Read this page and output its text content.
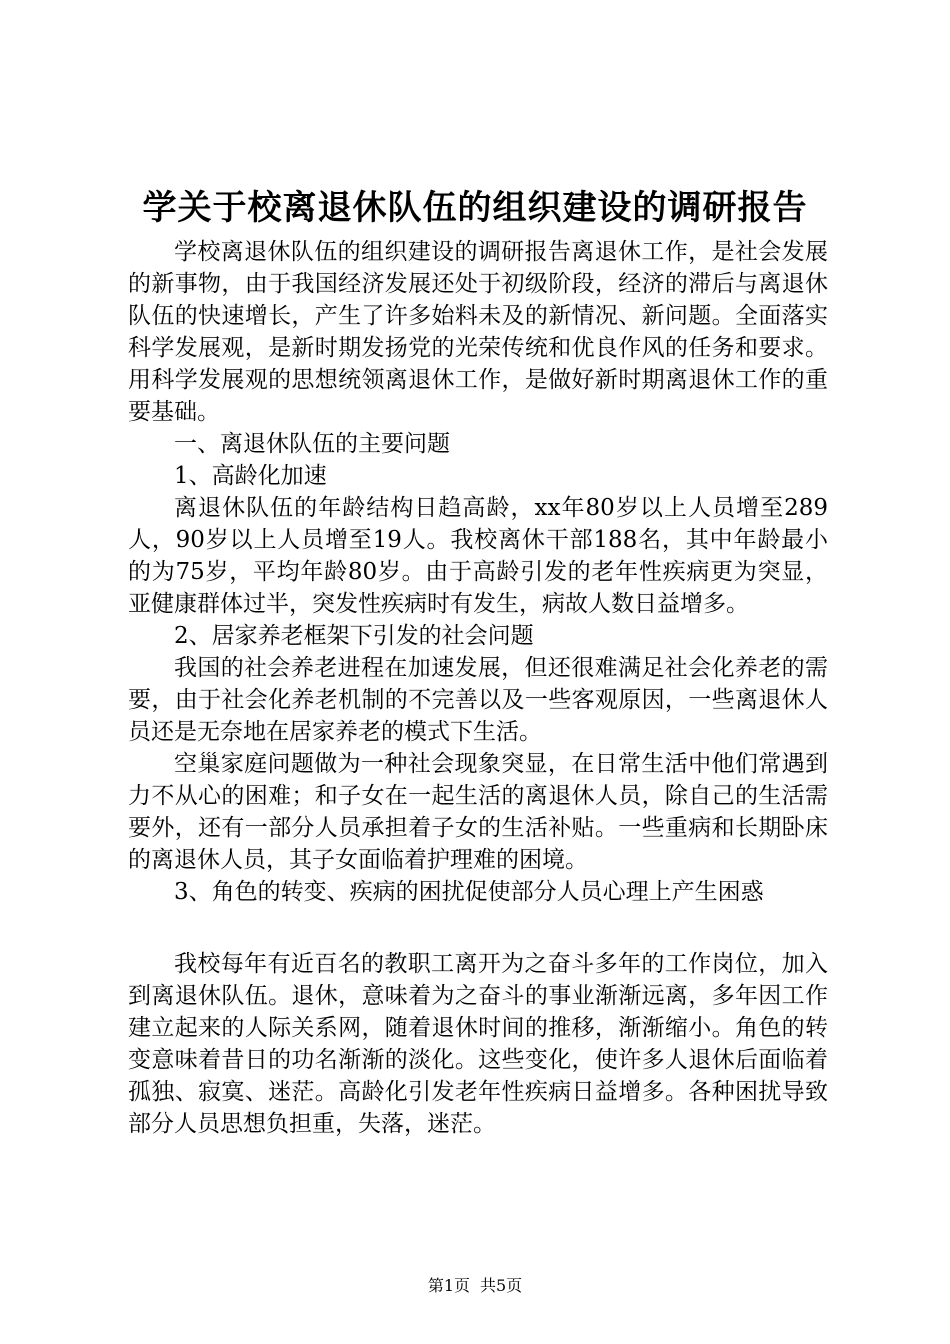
学关于校离退休队伍的组织建设的调研报告

学校离退休队伍的组织建设的调研报告离退休工作，是社会发展的新事物，由于我国经济发展还处于初级阶段，经济的滞后与离退休队伍的快速增长，产生了许多始料未及的新情况、新问题。全面落实科学发展观，是新时期发扬党的光荣传统和优良作风的任务和要求。用科学发展观的思想统领离退休工作，是做好新时期离退休工作的重要基础。

一、离退休队伍的主要问题

1、高龄化加速

离退休队伍的年龄结构日趋高龄，xx年80岁以上人员增至289人，90岁以上人员增至19人。我校离休干部188名，其中年龄最小的为75岁，平均年龄80岁。由于高龄引发的老年性疾病更为突显，亚健康群体过半，突发性疾病时有发生，病故人数日益增多。

2、居家养老框架下引发的社会问题

我国的社会养老进程在加速发展，但还很难满足社会化养老的需要，由于社会化养老机制的不完善以及一些客观原因，一些离退休人员还是无奈地在居家养老的模式下生活。

空巢家庭问题做为一种社会现象突显，在日常生活中他们常遇到力不从心的困难；和子女在一起生活的离退休人员，除自己的生活需要外，还有一部分人员承担着子女的生活补贴。一些重病和长期卧床的离退休人员，其子女面临着护理难的困境。

3、角色的转变、疾病的困扰促使部分人员心理上产生困惑

我校每年有近百名的教职工离开为之奋斗多年的工作岗位，加入到离退休队伍。退休，意味着为之奋斗的事业渐渐远离，多年因工作建立起来的人际关系网，随着退休时间的推移，渐渐缩小。角色的转变意味着昔日的功名渐渐的淡化。这些变化，使许多人退休后面临着孤独、寂寞、迷茫。高龄化引发老年性疾病日益增多。各种困扰导致部分人员思想负担重，失落，迷茫。

第1页 共5页
